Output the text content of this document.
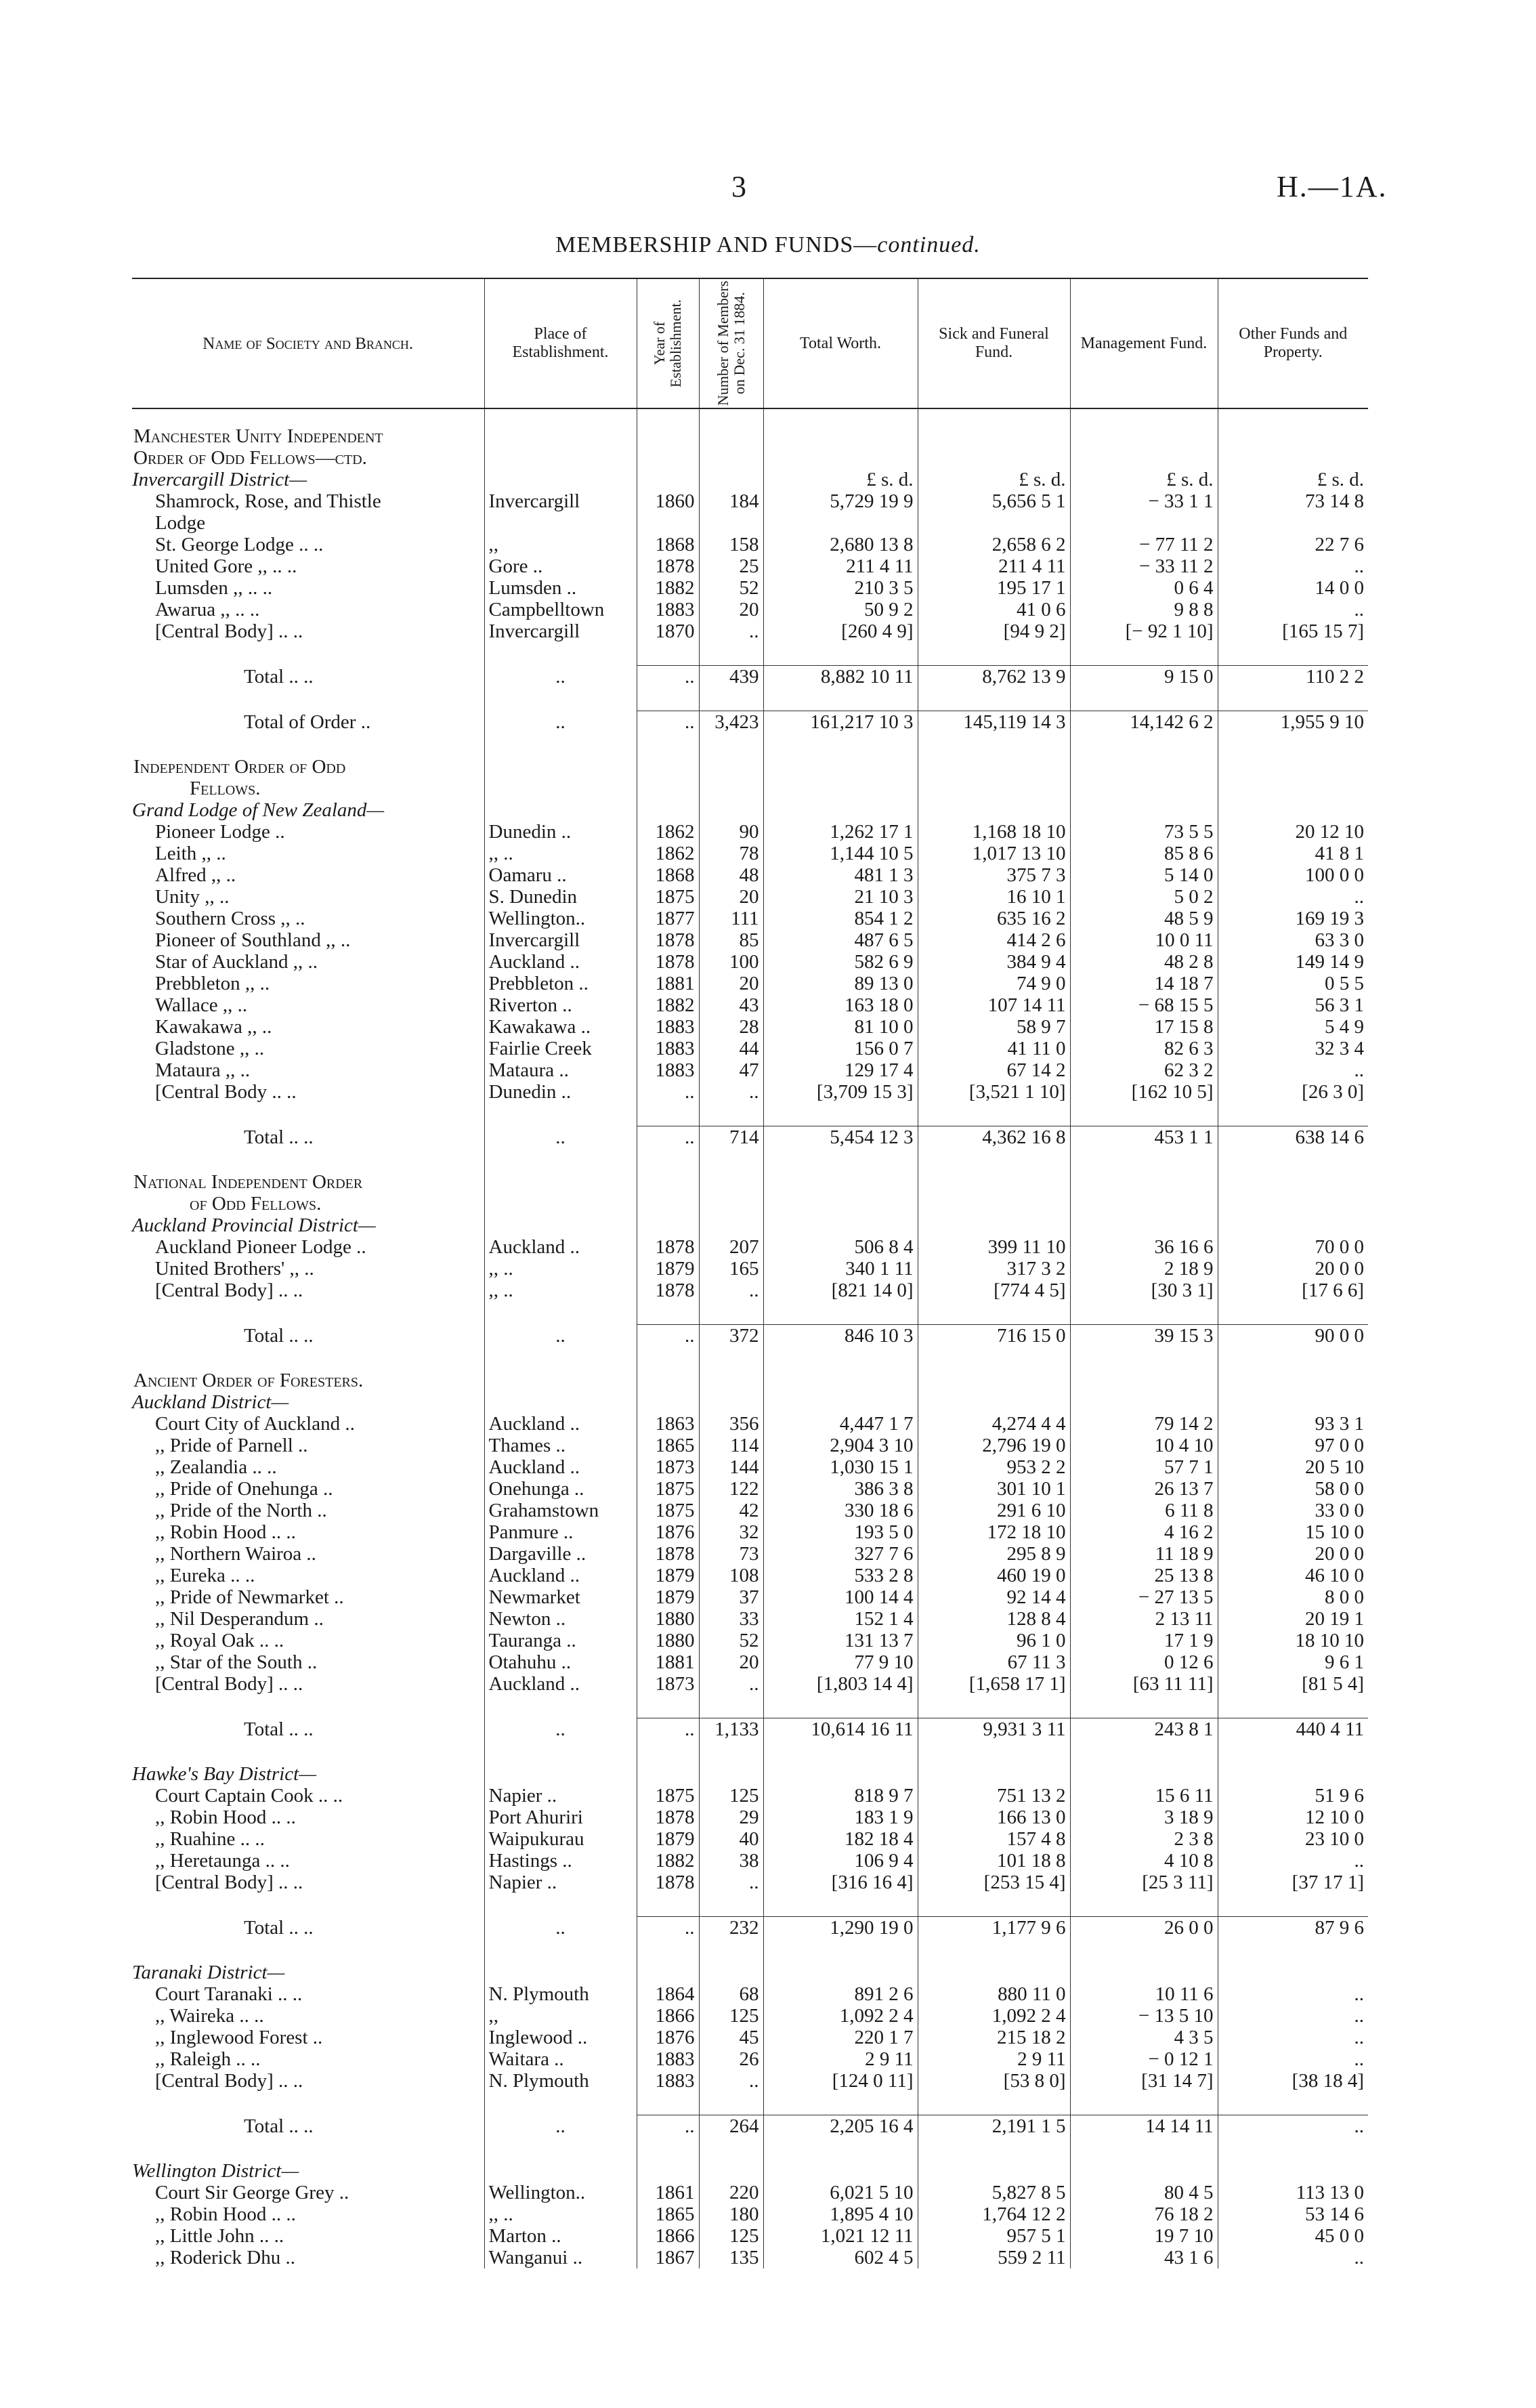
3	H.—1A.
MEMBERSHIP AND FUNDS—continued.
Name of Society and Branch.	Place of Establishment.	Year of Establishment.	Number of Members on Dec. 31 1884.	Total Worth.	Sick and Funeral Fund.	Management Fund.	Other Funds and Property.
Manchester Unity Independent							
Order of Odd Fellows—ctd.							
Invercargill District—				£ s. d.	£ s. d.	£ s. d.	£ s. d.
Shamrock, Rose, and Thistle	Invercargill	1860	184	5,729 19 9	5,656 5 1	− 33 1 1	73 14 8
Lodge							
St. George Lodge .. ..	,,	1868	158	2,680 13 8	2,658 6 2	− 77 11 2	22 7 6
United Gore ,, .. ..	Gore ..	1878	25	211 4 11	211 4 11	− 33 11 2	..
Lumsden ,, .. ..	Lumsden ..	1882	52	210 3 5	195 17 1	0 6 4	14 0 0
Awarua ,, .. ..	Campbelltown	1883	20	50 9 2	41 0 6	9 8 8	..
[Central Body] .. ..	Invercargill	1870	..	[260 4 9]	[94 9 2]	[− 92 1 10]	[165 15 7]

Total .. ..	..	..	439	8,882 10 11	8,762 13 9	9 15 0	110 2 2

Total of Order ..	..	..	3,423	161,217 10 3	145,119 14 3	14,142 6 2	1,955 9 10

Independent Order of Odd							
Fellows.							
Grand Lodge of New Zealand—							
Pioneer Lodge ..	Dunedin ..	1862	90	1,262 17 1	1,168 18 10	73 5 5	20 12 10
Leith ,, ..	,, ..	1862	78	1,144 10 5	1,017 13 10	85 8 6	41 8 1
Alfred ,, ..	Oamaru ..	1868	48	481 1 3	375 7 3	5 14 0	100 0 0
Unity ,, ..	S. Dunedin	1875	20	21 10 3	16 10 1	5 0 2	..
Southern Cross ,, ..	Wellington..	1877	111	854 1 2	635 16 2	48 5 9	169 19 3
Pioneer of Southland ,, ..	Invercargill	1878	85	487 6 5	414 2 6	10 0 11	63 3 0
Star of Auckland ,, ..	Auckland ..	1878	100	582 6 9	384 9 4	48 2 8	149 14 9
Prebbleton ,, ..	Prebbleton ..	1881	20	89 13 0	74 9 0	14 18 7	0 5 5
Wallace ,, ..	Riverton ..	1882	43	163 18 0	107 14 11	− 68 15 5	56 3 1
Kawakawa ,, ..	Kawakawa ..	1883	28	81 10 0	58 9 7	17 15 8	5 4 9
Gladstone ,, ..	Fairlie Creek	1883	44	156 0 7	41 11 0	82 6 3	32 3 4
Mataura ,, ..	Mataura ..	1883	47	129 17 4	67 14 2	62 3 2	..
[Central Body .. ..	Dunedin ..	..	..	[3,709 15 3]	[3,521 1 10]	[162 10 5]	[26 3 0]

Total .. ..	..	..	714	5,454 12 3	4,362 16 8	453 1 1	638 14 6

National Independent Order							
of Odd Fellows.							
Auckland Provincial District—							
Auckland Pioneer Lodge ..	Auckland ..	1878	207	506 8 4	399 11 10	36 16 6	70 0 0
United Brothers' ,, ..	,, ..	1879	165	340 1 11	317 3 2	2 18 9	20 0 0
[Central Body] .. ..	,, ..	1878	..	[821 14 0]	[774 4 5]	[30 3 1]	[17 6 6]

Total .. ..	..	..	372	846 10 3	716 15 0	39 15 3	90 0 0

Ancient Order of Foresters.							
Auckland District—							
Court City of Auckland ..	Auckland ..	1863	356	4,447 1 7	4,274 4 4	79 14 2	93 3 1
,, Pride of Parnell ..	Thames ..	1865	114	2,904 3 10	2,796 19 0	10 4 10	97 0 0
,, Zealandia .. ..	Auckland ..	1873	144	1,030 15 1	953 2 2	57 7 1	20 5 10
,, Pride of Onehunga ..	Onehunga ..	1875	122	386 3 8	301 10 1	26 13 7	58 0 0
,, Pride of the North ..	Grahamstown	1875	42	330 18 6	291 6 10	6 11 8	33 0 0
,, Robin Hood .. ..	Panmure ..	1876	32	193 5 0	172 18 10	4 16 2	15 10 0
,, Northern Wairoa ..	Dargaville ..	1878	73	327 7 6	295 8 9	11 18 9	20 0 0
,, Eureka .. ..	Auckland ..	1879	108	533 2 8	460 19 0	25 13 8	46 10 0
,, Pride of Newmarket ..	Newmarket	1879	37	100 14 4	92 14 4	− 27 13 5	8 0 0
,, Nil Desperandum ..	Newton ..	1880	33	152 1 4	128 8 4	2 13 11	20 19 1
,, Royal Oak .. ..	Tauranga ..	1880	52	131 13 7	96 1 0	17 1 9	18 10 10
,, Star of the South ..	Otahuhu ..	1881	20	77 9 10	67 11 3	0 12 6	9 6 1
[Central Body] .. ..	Auckland ..	1873	..	[1,803 14 4]	[1,658 17 1]	[63 11 11]	[81 5 4]

Total .. ..	..	..	1,133	10,614 16 11	9,931 3 11	243 8 1	440 4 11

Hawke's Bay District—							
Court Captain Cook .. ..	Napier ..	1875	125	818 9 7	751 13 2	15 6 11	51 9 6
,, Robin Hood .. ..	Port Ahuriri	1878	29	183 1 9	166 13 0	3 18 9	12 10 0
,, Ruahine .. ..	Waipukurau	1879	40	182 18 4	157 4 8	2 3 8	23 10 0
,, Heretaunga .. ..	Hastings ..	1882	38	106 9 4	101 18 8	4 10 8	..
[Central Body] .. ..	Napier ..	1878	..	[316 16 4]	[253 15 4]	[25 3 11]	[37 17 1]

Total .. ..	..	..	232	1,290 19 0	1,177 9 6	26 0 0	87 9 6

Taranaki District—							
Court Taranaki .. ..	N. Plymouth	1864	68	891 2 6	880 11 0	10 11 6	..
,, Waireka .. ..	,,	1866	125	1,092 2 4	1,092 2 4	− 13 5 10	..
,, Inglewood Forest ..	Inglewood ..	1876	45	220 1 7	215 18 2	4 3 5	..
,, Raleigh .. ..	Waitara ..	1883	26	2 9 11	2 9 11	− 0 12 1	..
[Central Body] .. ..	N. Plymouth	1883	..	[124 0 11]	[53 8 0]	[31 14 7]	[38 18 4]

Total .. ..	..	..	264	2,205 16 4	2,191 1 5	14 14 11	..

Wellington District—							
Court Sir George Grey ..	Wellington..	1861	220	6,021 5 10	5,827 8 5	80 4 5	113 13 0
,, Robin Hood .. ..	,, ..	1865	180	1,895 4 10	1,764 12 2	76 18 2	53 14 6
,, Little John .. ..	Marton ..	1866	125	1,021 12 11	957 5 1	19 7 10	45 0 0
,, Roderick Dhu ..	Wanganui ..	1867	135	602 4 5	559 2 11	43 1 6	..
